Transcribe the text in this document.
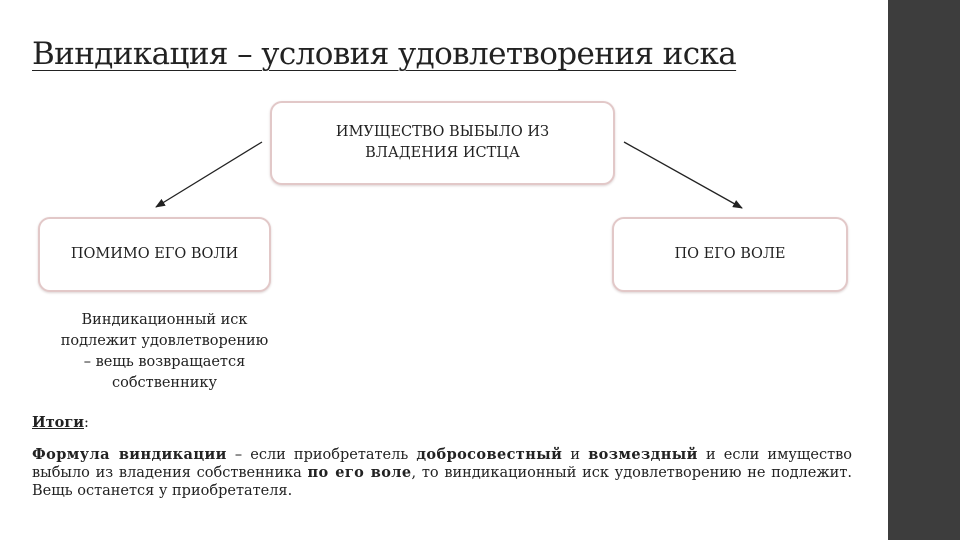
Виндикация – условия удовлетворения иска
ИМУЩЕСТВО ВЫБЫЛО ИЗ
ВЛАДЕНИЯ ИСТЦА
ПОМИМО ЕГО ВОЛИ	ПО ЕГО ВОЛЕ
Виндикационный иск
подлежит удовлетворению
– вещь возвращается
собственнику

Итоги:

Формула виндикации – если приобретатель добросовестный и возмездный и если имущество выбыло из владения собственника по его воле, то виндикационный иск удовлетворению не подлежит. Вещь останется у приобретателя.
